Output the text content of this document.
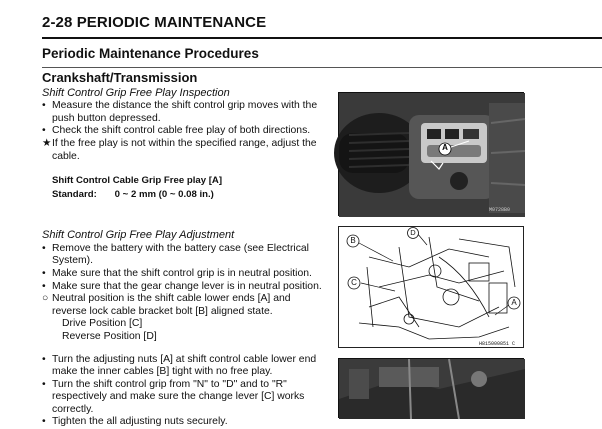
2-28 PERIODIC MAINTENANCE
Periodic Maintenance Procedures
Crankshaft/Transmission
Shift Control Grip Free Play Inspection
• Measure the distance the shift control grip moves with the push button depressed.
• Check the shift control cable free play of both directions.
★ If the free play is not within the specified range, adjust the cable.
Shift Control Cable Grip Free play [A]
Standard: 0 ~ 2 mm (0 ~ 0.08 in.)
Shift Control Grip Free Play Adjustment
• Remove the battery with the battery case (see Electrical System).
• Make sure that the shift control grip is in neutral position.
• Make sure that the gear change lever is in neutral position.
○ Neutral position is the shift cable lower ends [A] and reverse lock cable bracket bolt [B] aligned state.
Drive Position [C]
Reverse Position [D]
• Turn the adjusting nuts [A] at shift control cable lower end make the inner cables [B] tight with no free play.
• Turn the shift control grip from "N" to "D" and to "R" respectively and make sure the change lever [C] works correctly.
• Tighten the all adjusting nuts securely.
A
M0728B0
B
D
C
A
H815000851 C
